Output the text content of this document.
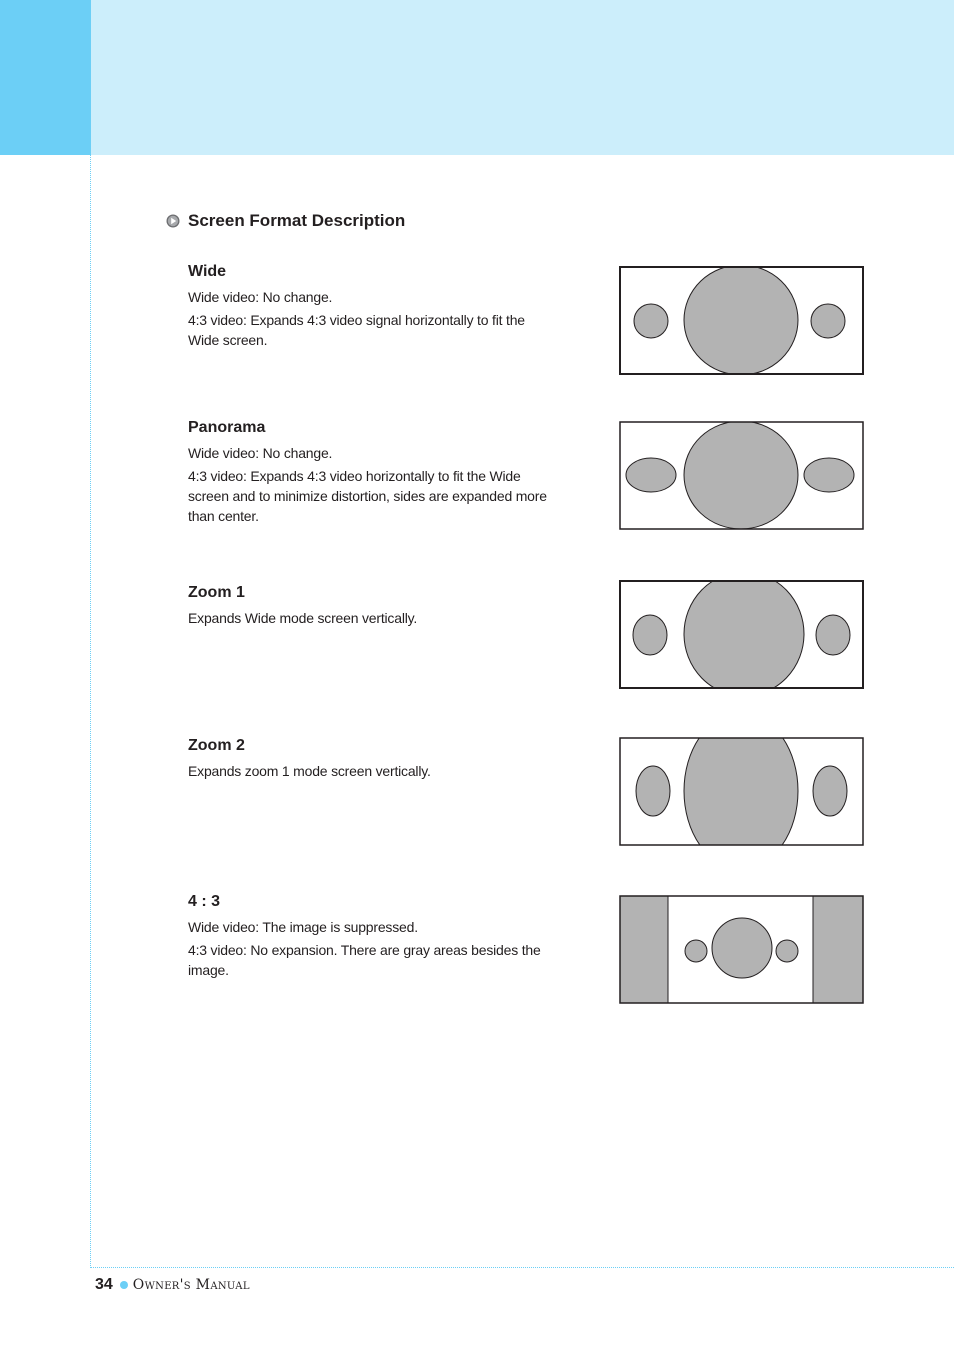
Screen Format Description
Wide
Wide video: No change.
4:3 video: Expands 4:3 video signal horizontally to fit the Wide screen.
Panorama
Wide video: No change.
4:3 video: Expands 4:3 video horizontally to fit the Wide screen and to minimize distortion, sides are expanded more than center.
Zoom 1
Expands Wide mode screen vertically.
Zoom 2
Expands zoom 1 mode screen vertically.
4 : 3
Wide video: The image is suppressed.
4:3 video: No expansion. There are gray areas besides the image.
34 Owner's Manual
